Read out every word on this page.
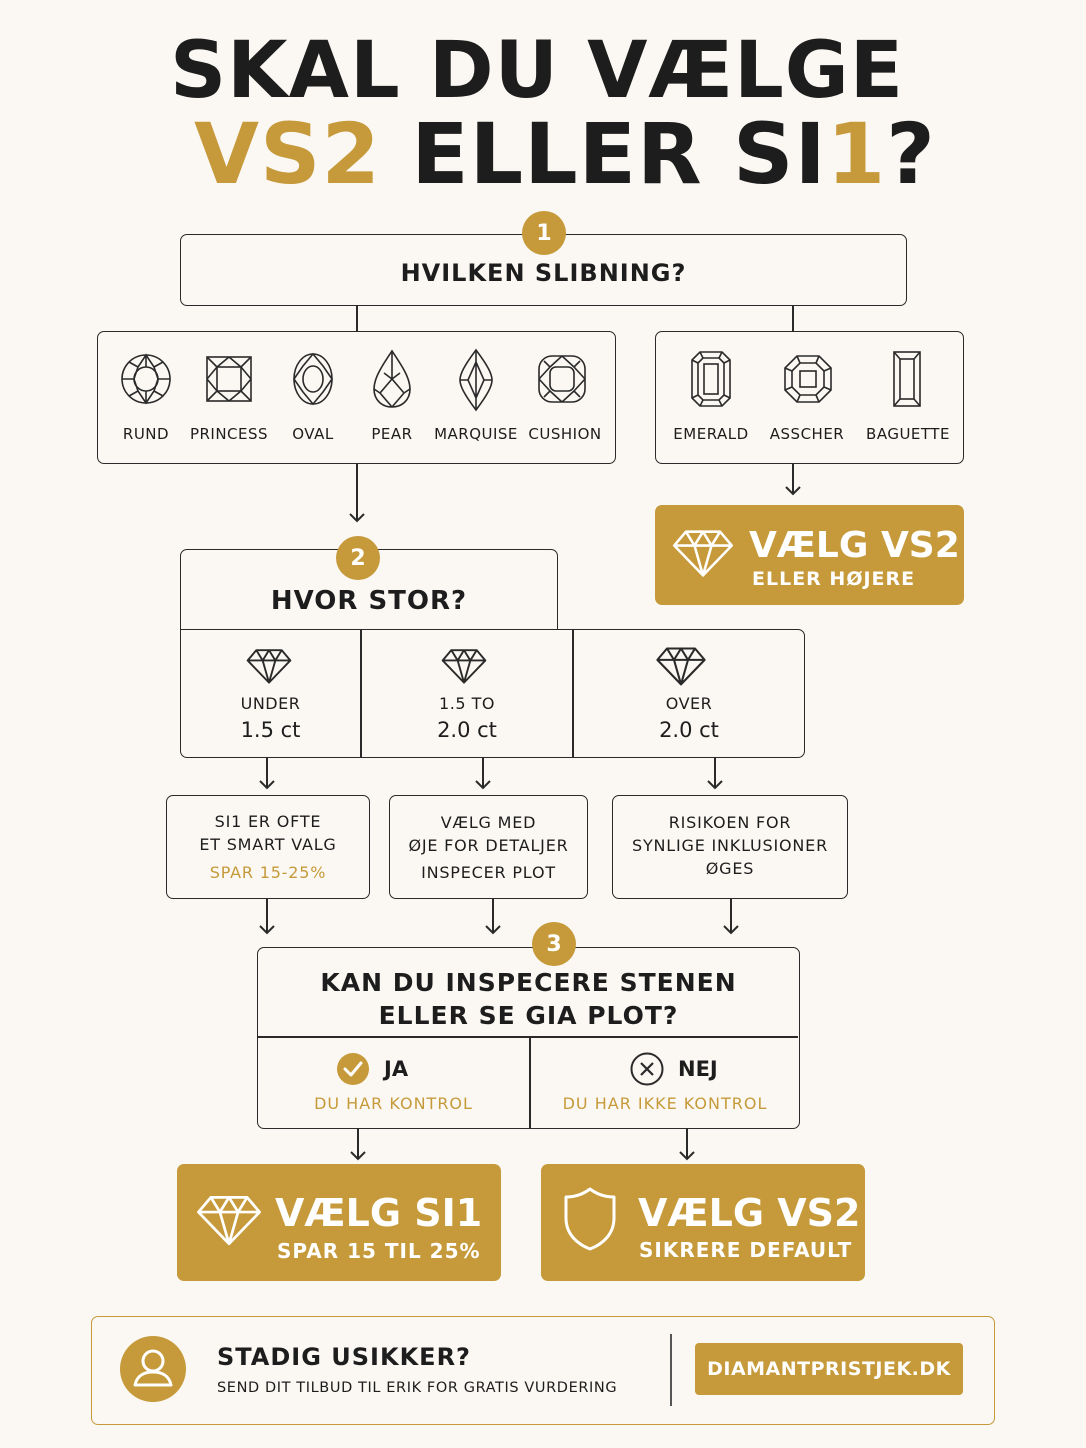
SKAL DU VÆLGE
VS2 ELLER SI1?
HVILKEN SLIBNING?
1
RUND PRINCESS OVAL	PEAR MARQUISE CUSHION	EMERALD ASSCHER BAGUETTE
VÆLG VS2
ELLER HØJERE
HVOR STOR?
2
UNDER
1.5 ct
1.5 TO
2.0 ct
OVER
2.0 ct
SI1 ER OFTE
ET SMART VALG
SPAR 15-25%
VÆLG MED
ØJE FOR DETALJER
INSPECER PLOT
RISIKOEN FOR
SYNLIGE INKLUSIONER
ØGES
KAN DU INSPECERE STENEN
ELLER SE GIA PLOT?
JA
DU HAR KONTROL
NEJ
DU HAR IKKE KONTROL
3
VÆLG SI1
SPAR 15 TIL 25%
VÆLG VS2
SIKRERE DEFAULT
STADIG USIKKER?
SEND DIT TILBUD TIL ERIK FOR GRATIS VURDERING
DIAMANTPRISTJEK.DK
